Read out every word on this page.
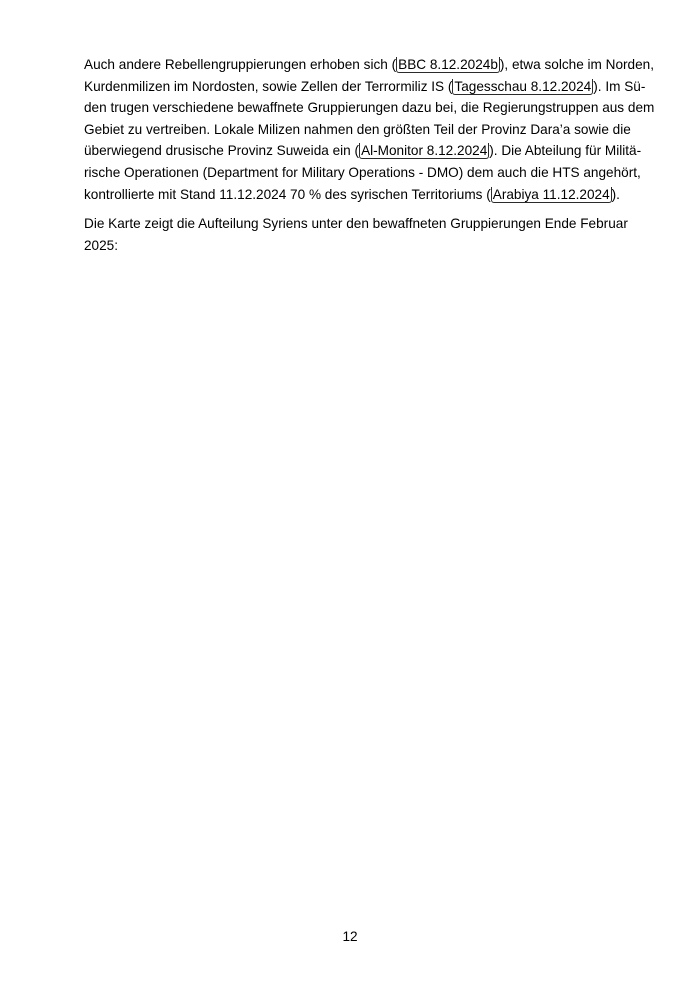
Auch andere Rebellengruppierungen erhoben sich ( BBC 8.12.2024b ), etwa solche im Norden,
Kurdenmilizen im Nordosten, sowie Zellen der Terrormiliz IS ( Tagesschau 8.12.2024 ). Im Sü-
den trugen verschiedene bewaffnete Gruppierungen dazu bei, die Regierungstruppen aus dem
Gebiet zu vertreiben. Lokale Milizen nahmen den größten Teil der Provinz Dara’a sowie die
überwiegend drusische Provinz Suweida ein ( Al-Monitor 8.12.2024 ). Die Abteilung für Militä-
rische Operationen (Department for Military Operations - DMO) dem auch die HTS angehört,
kontrollierte mit Stand 11.12.2024 70 % des syrischen Territoriums ( Arabiya 11.12.2024 ).

Die Karte zeigt die Aufteilung Syriens unter den bewaffneten Gruppierungen Ende Februar
2025:

12
